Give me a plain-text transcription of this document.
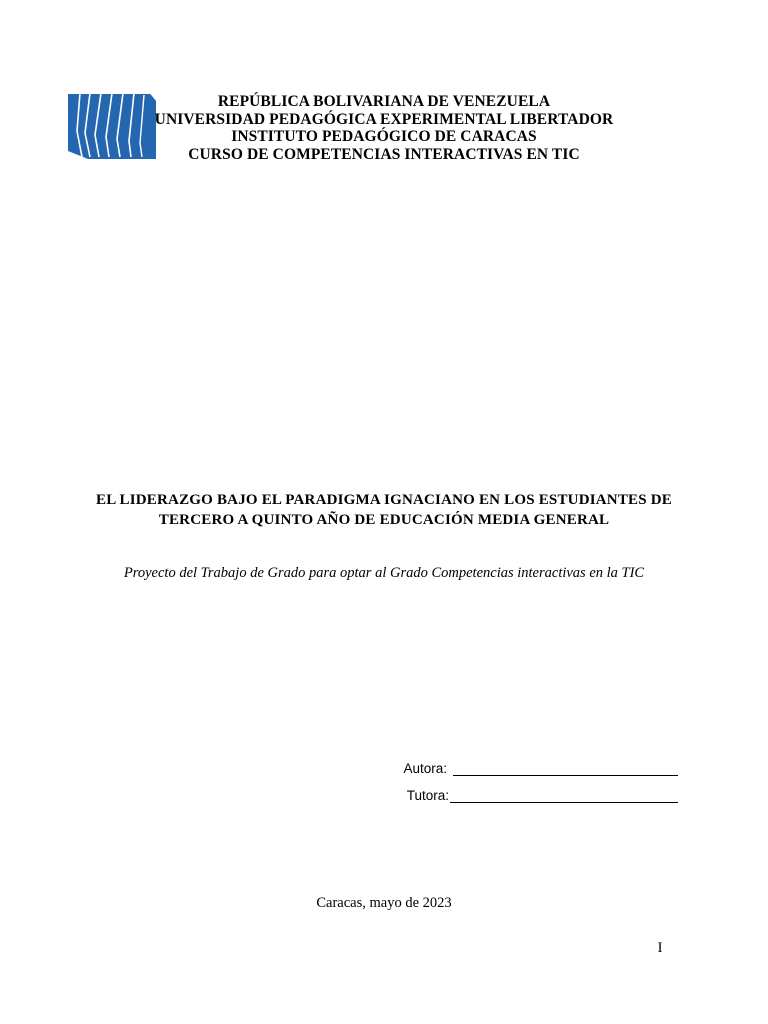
REPÚBLICA BOLIVARIANA DE VENEZUELA
UNIVERSIDAD PEDAGÓGICA EXPERIMENTAL LIBERTADOR
INSTITUTO PEDAGÓGICO DE CARACAS
CURSO DE COMPETENCIAS INTERACTIVAS EN TIC
EL LIDERAZGO BAJO EL PARADIGMA IGNACIANO EN LOS ESTUDIANTES DE
TERCERO A QUINTO AÑO DE EDUCACIÓN MEDIA GENERAL
Proyecto del Trabajo de Grado para optar al Grado Competencias interactivas en la TIC
Autora:
Tutora:
Caracas, mayo de 2023
I
